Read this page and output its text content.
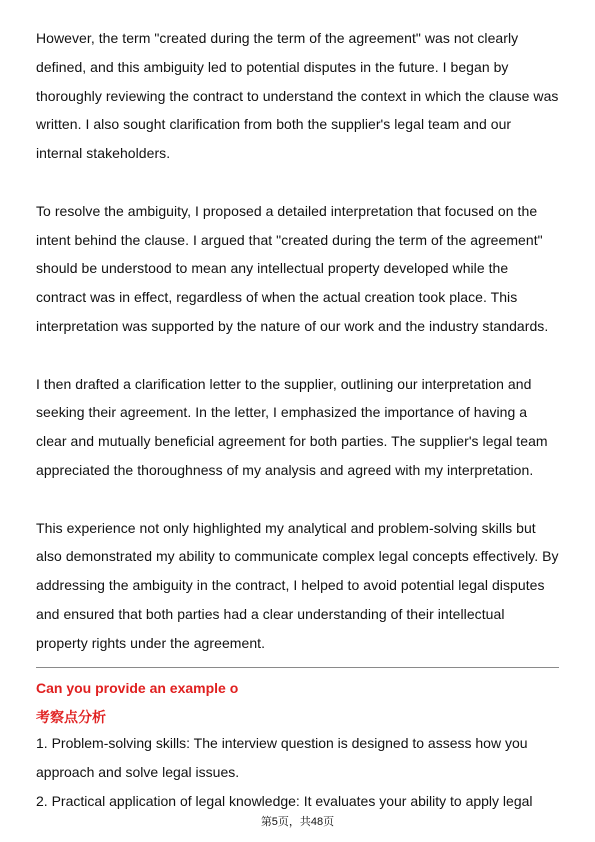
However, the term "created during the term of the agreement" was not clearly defined, and this ambiguity led to potential disputes in the future. I began by thoroughly reviewing the contract to understand the context in which the clause was written. I also sought clarification from both the supplier's legal team and our internal stakeholders.

To resolve the ambiguity, I proposed a detailed interpretation that focused on the intent behind the clause. I argued that "created during the term of the agreement" should be understood to mean any intellectual property developed while the contract was in effect, regardless of when the actual creation took place. This interpretation was supported by the nature of our work and the industry standards.

I then drafted a clarification letter to the supplier, outlining our interpretation and seeking their agreement. In the letter, I emphasized the importance of having a clear and mutually beneficial agreement for both parties. The supplier's legal team appreciated the thoroughness of my analysis and agreed with my interpretation.

This experience not only highlighted my analytical and problem-solving skills but also demonstrated my ability to communicate complex legal concepts effectively. By addressing the ambiguity in the contract, I helped to avoid potential legal disputes and ensured that both parties had a clear understanding of their intellectual property rights under the agreement.

Can you provide an example o
考察点分析
1. Problem-solving skills: The interview question is designed to assess how you approach and solve legal issues.
2. Practical application of legal knowledge: It evaluates your ability to apply legal
第5页，共48页
